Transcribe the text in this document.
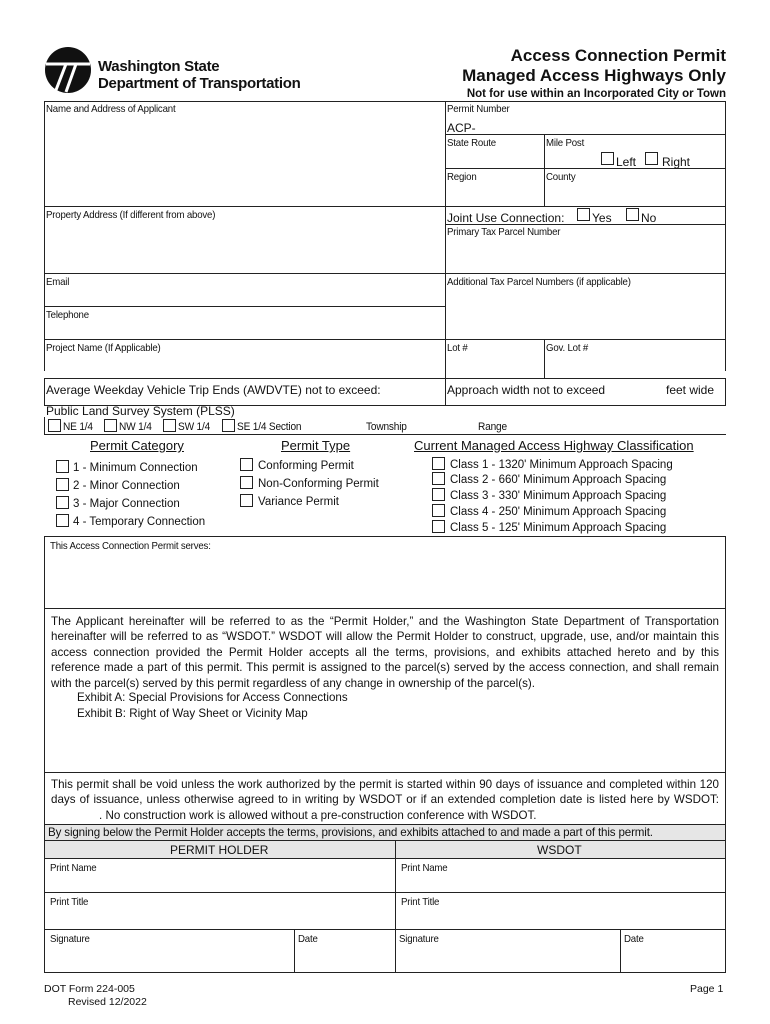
Washington State
Department of Transportation
Access Connection Permit
Managed Access Highways Only
Not for use within an Incorporated City or Town
Name and Address of Applicant	Permit Number
ACP-
State Route	Mile Post
Left Right
Region	County
Property Address (If different from above)	Joint Use Connection: Yes No
Primary Tax Parcel Number
Email	Additional Tax Parcel Numbers (if applicable)
Telephone
Project Name (If Applicable)	Lot #	Gov. Lot #
Average Weekday Vehicle Trip Ends (AWDVTE) not to exceed:	Approach width not to exceed	feet wide
Public Land Survey System (PLSS)
NE 1/4 NW 1/4 SW 1/4 SE 1/4 Section	Township	Range
Permit Category	Permit Type	Current Managed Access Highway Classification
1 - Minimum Connection
2 - Minor Connection
3 - Major Connection
4 - Temporary Connection
Conforming Permit
Non-Conforming Permit
Variance Permit
Class 1 - 1320' Minimum Approach Spacing
Class 2 - 660' Minimum Approach Spacing
Class 3 - 330' Minimum Approach Spacing
Class 4 - 250' Minimum Approach Spacing
Class 5 - 125' Minimum Approach Spacing
This Access Connection Permit serves:
The Applicant hereinafter will be referred to as the “Permit Holder,” and the Washington State Department of Transportation hereinafter will be referred to as “WSDOT.” WSDOT will allow the Permit Holder to construct, upgrade, use, and/or maintain this access connection provided the Permit Holder accepts all the terms, provisions, and exhibits attached hereto and by this reference made a part of this permit. This permit is assigned to the parcel(s) served by the access connection, and shall remain with the parcel(s) served by this permit regardless of any change in ownership of the parcel(s).
Exhibit A: Special Provisions for Access Connections
Exhibit B: Right of Way Sheet or Vicinity Map
This permit shall be void unless the work authorized by the permit is started within 90 days of issuance and completed within 120 days of issuance, unless otherwise agreed to in writing by WSDOT or if an extended completion date is listed here by WSDOT:. No construction work is allowed without a pre-construction conference with WSDOT.
By signing below the Permit Holder accepts the terms, provisions, and exhibits attached to and made a part of this permit.
PERMIT HOLDER	WSDOT
Print Name	Print Name
Print Title	Print Title
Signature	Date	Signature	Date
DOT Form 224-005
Revised 12/2022
Page 1
